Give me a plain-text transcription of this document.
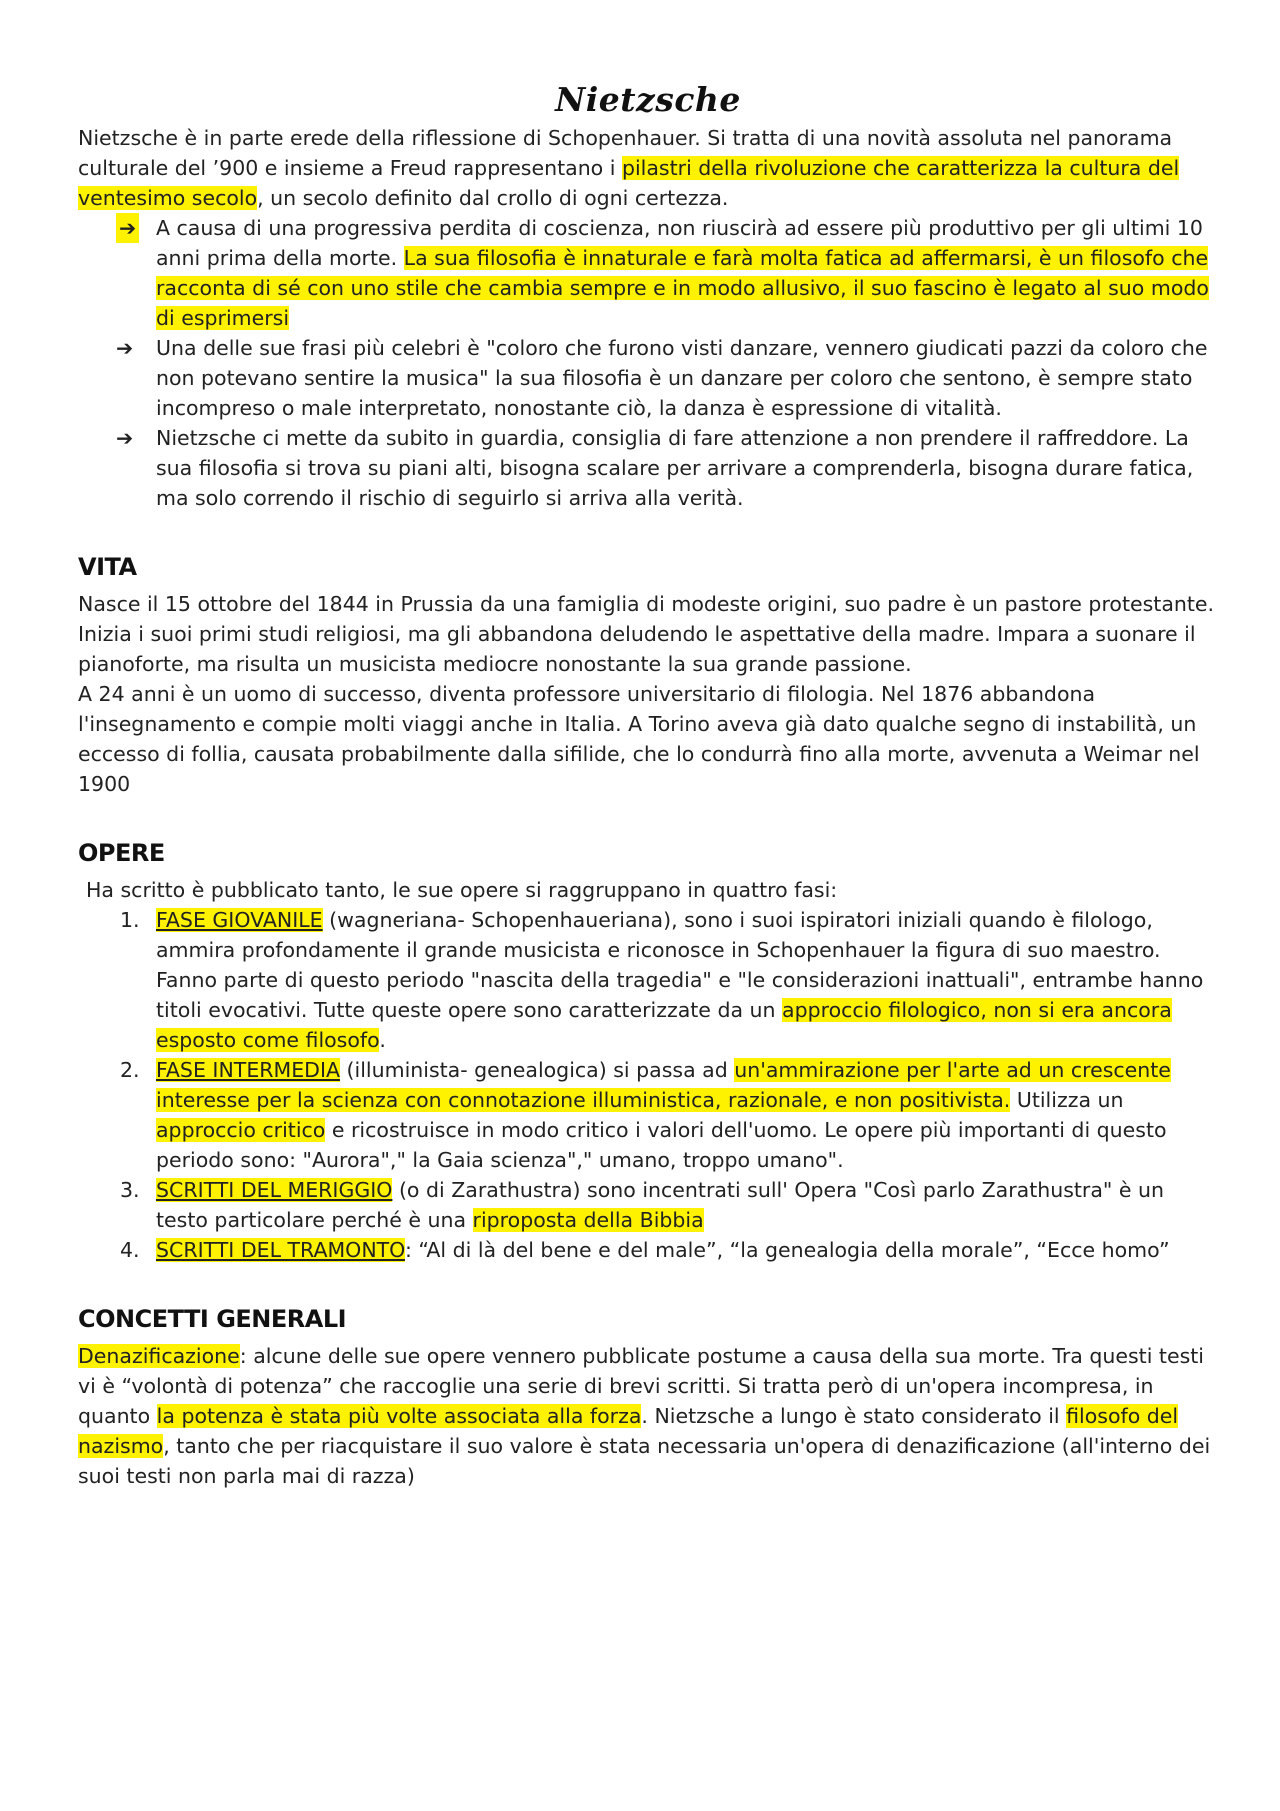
Nietzsche

Nietzsche è in parte erede della riflessione di Schopenhauer. Si tratta di una novità assoluta nel panorama culturale del ’900 e insieme a Freud rappresentano i pilastri della rivoluzione che caratterizza la cultura del ventesimo secolo, un secolo definito dal crollo di ogni certezza.

➔ A causa di una progressiva perdita di coscienza, non riuscirà ad essere più produttivo per gli ultimi 10 anni prima della morte. La sua filosofia è innaturale e farà molta fatica ad affermarsi, è un filosofo che racconta di sé con uno stile che cambia sempre e in modo allusivo, il suo fascino è legato al suo modo di esprimersi
➔ Una delle sue frasi più celebri è "coloro che furono visti danzare, vennero giudicati pazzi da coloro che non potevano sentire la musica" la sua filosofia è un danzare per coloro che sentono, è sempre stato incompreso o male interpretato, nonostante ciò, la danza è espressione di vitalità.
➔ Nietzsche ci mette da subito in guardia, consiglia di fare attenzione a non prendere il raffreddore. La sua filosofia si trova su piani alti, bisogna scalare per arrivare a comprenderla, bisogna durare fatica, ma solo correndo il rischio di seguirlo si arriva alla verità.
VITA

Nasce il 15 ottobre del 1844 in Prussia da una famiglia di modeste origini, suo padre è un pastore protestante. Inizia i suoi primi studi religiosi, ma gli abbandona deludendo le aspettative della madre. Impara a suonare il pianoforte, ma risulta un musicista mediocre nonostante la sua grande passione.

A 24 anni è un uomo di successo, diventa professore universitario di filologia. Nel 1876 abbandona l'insegnamento e compie molti viaggi anche in Italia. A Torino aveva già dato qualche segno di instabilità, un eccesso di follia, causata probabilmente dalla sifilide, che lo condurrà fino alla morte, avvenuta a Weimar nel 1900

OPERE

Ha scritto è pubblicato tanto, le sue opere si raggruppano in quattro fasi:

1. FASE GIOVANILE (wagneriana- Schopenhaueriana), sono i suoi ispiratori iniziali quando è filologo, ammira profondamente il grande musicista e riconosce in Schopenhauer la figura di suo maestro. Fanno parte di questo periodo "nascita della tragedia" e "le considerazioni inattuali", entrambe hanno titoli evocativi. Tutte queste opere sono caratterizzate da un approccio filologico, non si era ancora esposto come filosofo.
2. FASE INTERMEDIA (illuminista- genealogica) si passa ad un'ammirazione per l'arte ad un crescente interesse per la scienza con connotazione illuministica, razionale, e non positivista. Utilizza un approccio critico e ricostruisce in modo critico i valori dell'uomo. Le opere più importanti di questo periodo sono: "Aurora"," la Gaia scienza"," umano, troppo umano".
3. SCRITTI DEL MERIGGIO (o di Zarathustra) sono incentrati sull' Opera "Così parlo Zarathustra" è un testo particolare perché è una riproposta della Bibbia
4. SCRITTI DEL TRAMONTO: “Al di là del bene e del male”, “la genealogia della morale”, “Ecce homo”
CONCETTI GENERALI

Denazificazione: alcune delle sue opere vennero pubblicate postume a causa della sua morte. Tra questi testi vi è “volontà di potenza” che raccoglie una serie di brevi scritti. Si tratta però di un'opera incompresa, in quanto la potenza è stata più volte associata alla forza. Nietzsche a lungo è stato considerato il filosofo del nazismo, tanto che per riacquistare il suo valore è stata necessaria un'opera di denazificazione (all'interno dei suoi testi non parla mai di razza)
